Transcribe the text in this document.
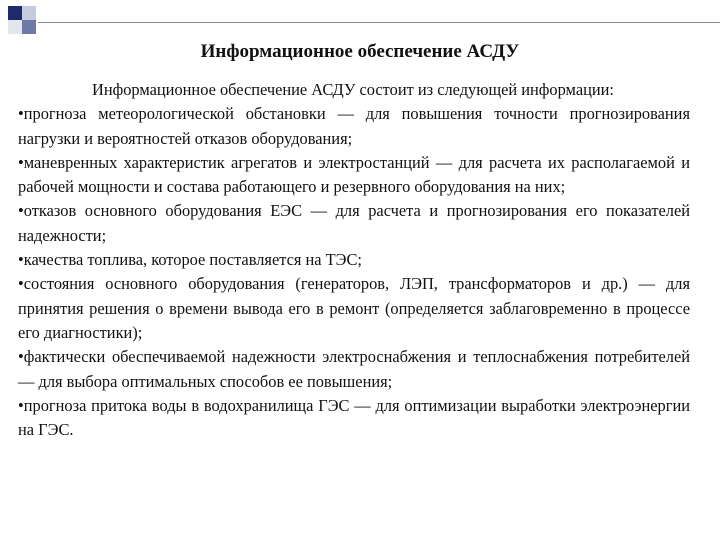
Информационное обеспечение АСДУ

Информационное обеспечение АСДУ состоит из следующей информации:

•прогноза метеорологической обстановки — для повышения точности прогнозирования нагрузки и вероятностей отказов оборудования;
•маневренных характеристик агрегатов и электростанций — для расчета их располагаемой и рабочей мощности и состава работающего и резервного оборудования на них;
•отказов основного оборудования ЕЭС — для расчета и прогнозирования его показателей надежности;
•качества топлива, которое поставляется на ТЭС;
•состояния основного оборудования (генераторов, ЛЭП, трансформаторов и др.) — для принятия решения о времени вывода его в ремонт (определяется заблаговременно в процессе его диагностики);
•фактически обеспечиваемой надежности электроснабжения и теплоснабжения потребителей — для выбора оптимальных способов ее повышения;
•прогноза притока воды в водохранилища ГЭС — для оптимизации выработки электроэнергии на ГЭС.
